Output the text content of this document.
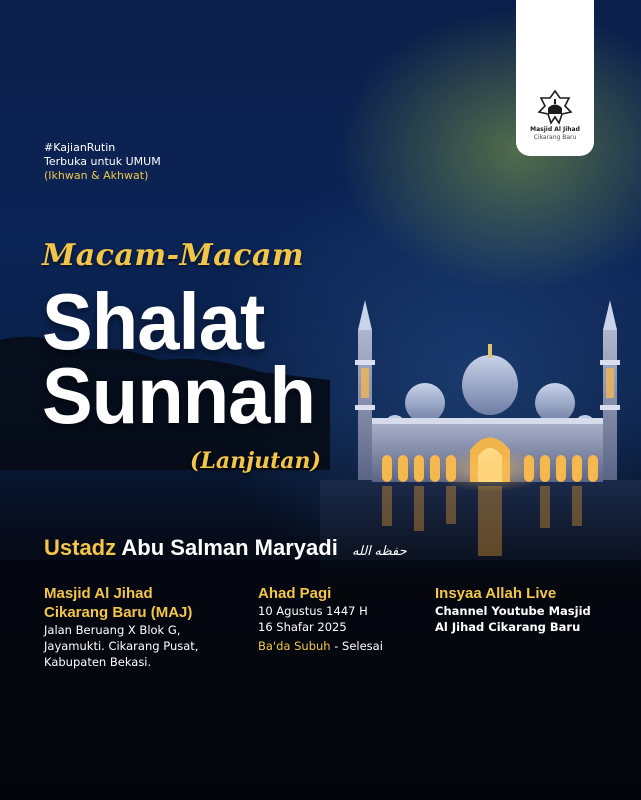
Masjid Al Jihad
Cikarang Baru
#KajianRutin
Terbuka untuk UMUM
(Ikhwan & Akhwat)
Macam-Macam
Shalat
Sunnah
(Lanjutan)
Ustadz Abu Salman Maryadi حفظه الله
Masjid Al Jihad
Cikarang Baru (MAJ)
Jalan Beruang X Blok G,
Jayamukti. Cikarang Pusat,
Kabupaten Bekasi.
Ahad Pagi
10 Agustus 1447 H
16 Shafar 2025
Ba'da Subuh - Selesai
Insyaa Allah Live
Channel Youtube Masjid
Al Jihad Cikarang Baru
